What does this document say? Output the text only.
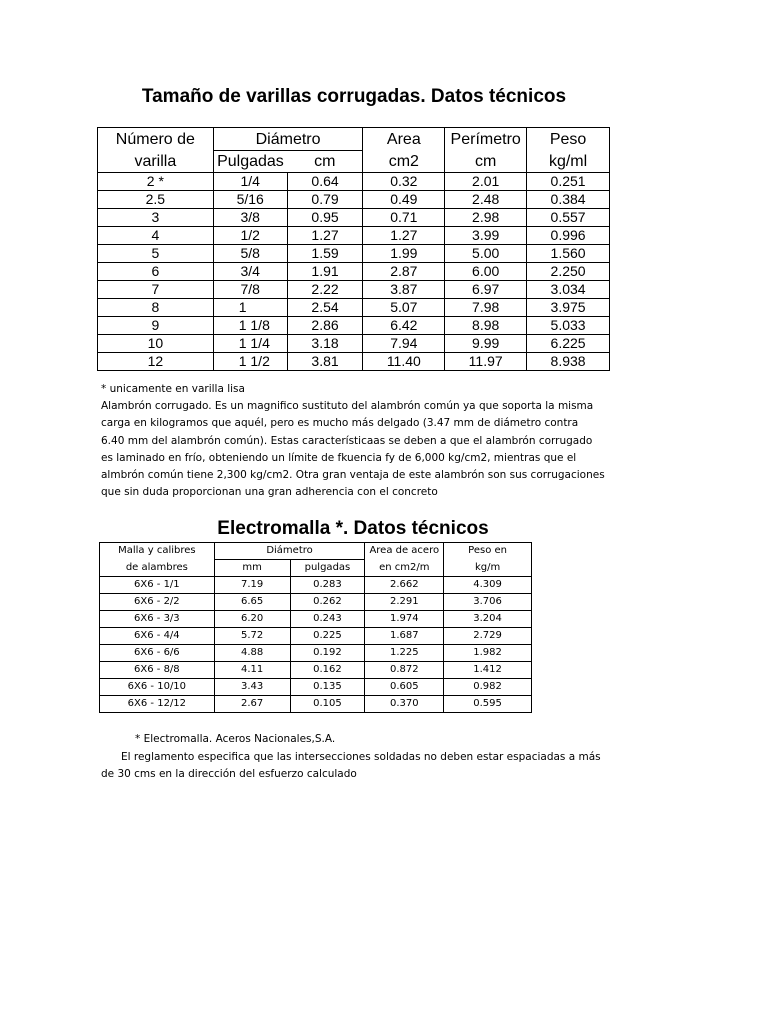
Tamaño de varillas corrugadas. Datos técnicos
Número de	Diámetro		Area	Perímetro	Peso
varilla	Pulgadas	cm	cm2	cm	kg/ml
2 *	1/4	0.64	0.32	2.01	0.251
2.5	5/16	0.79	0.49	2.48	0.384
3	3/8	0.95	0.71	2.98	0.557
4	1/2	1.27	1.27	3.99	0.996
5	5/8	1.59	1.99	5.00	1.560
6	3/4	1.91	2.87	6.00	2.250
7	7/8	2.22	3.87	6.97	3.034
8	1	2.54	5.07	7.98	3.975
9	1 1/8	2.86	6.42	8.98	5.033
10	1 1/4	3.18	7.94	9.99	6.225
12	1 1/2	3.81	11.40	11.97	8.938
* unicamente en varilla lisa
Alambrón corrugado. Es un magnifico sustituto del alambrón común ya que soporta la misma
carga en kilogramos que aquél, pero es mucho más delgado (3.47 mm de diámetro contra
6.40 mm del alambrón común). Estas característicaas se deben a que el alambrón corrugado
es laminado en frío, obteniendo un límite de fkuencia fy de 6,000 kg/cm2, mientras que el
almbrón común tiene 2,300 kg/cm2. Otra gran ventaja de este alambrón son sus corrugaciones
que sin duda proporcionan una gran adherencia con el concreto
Electromalla *. Datos técnicos
Malla y calibres	Diámetro		Area de acero	Peso en
de alambres	mm	pulgadas	en cm2/m	kg/m
6X6 - 1/1	7.19	0.283	2.662	4.309
6X6 - 2/2	6.65	0.262	2.291	3.706
6X6 - 3/3	6.20	0.243	1.974	3.204
6X6 - 4/4	5.72	0.225	1.687	2.729
6X6 - 6/6	4.88	0.192	1.225	1.982
6X6 - 8/8	4.11	0.162	0.872	1.412
6X6 - 10/10	3.43	0.135	0.605	0.982
6X6 - 12/12	2.67	0.105	0.370	0.595
* Electromalla. Aceros Nacionales,S.A.
El reglamento especifica que las intersecciones soldadas no deben estar espaciadas a más
de 30 cms en la dirección del esfuerzo calculado
